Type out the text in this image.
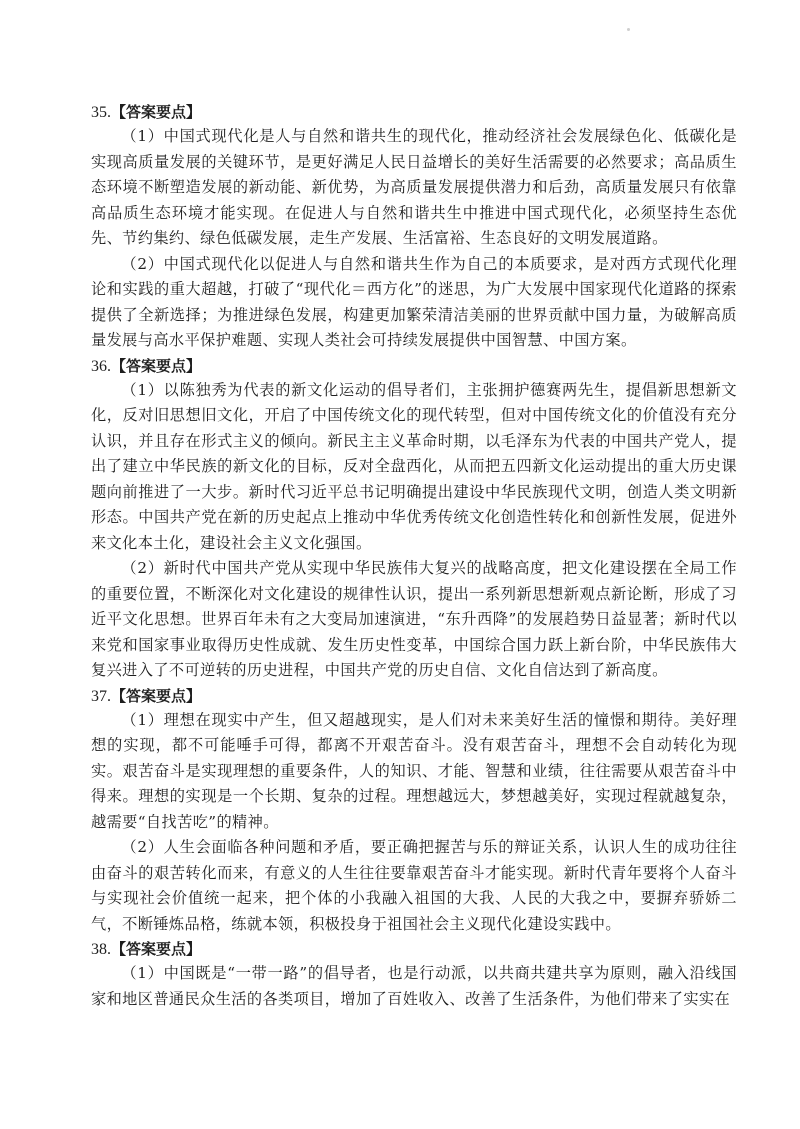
35.【答案要点】

（1）中国式现代化是人与自然和谐共生的现代化，推动经济社会发展绿色化、低碳化是实现高质量发展的关键环节，是更好满足人民日益增长的美好生活需要的必然要求；高品质生态环境不断塑造发展的新动能、新优势，为高质量发展提供潜力和后劲，高质量发展只有依靠高品质生态环境才能实现。在促进人与自然和谐共生中推进中国式现代化，必须坚持生态优先、节约集约、绿色低碳发展，走生产发展、生活富裕、生态良好的文明发展道路。

（2）中国式现代化以促进人与自然和谐共生作为自己的本质要求，是对西方式现代化理论和实践的重大超越，打破了“现代化＝西方化”的迷思，为广大发展中国家现代化道路的探索提供了全新选择；为推进绿色发展，构建更加繁荣清洁美丽的世界贡献中国力量，为破解高质量发展与高水平保护难题、实现人类社会可持续发展提供中国智慧、中国方案。

36.【答案要点】

（1）以陈独秀为代表的新文化运动的倡导者们，主张拥护德赛两先生，提倡新思想新文化，反对旧思想旧文化，开启了中国传统文化的现代转型，但对中国传统文化的价值没有充分认识，并且存在形式主义的倾向。新民主主义革命时期，以毛泽东为代表的中国共产党人，提出了建立中华民族的新文化的目标，反对全盘西化，从而把五四新文化运动提出的重大历史课题向前推进了一大步。新时代习近平总书记明确提出建设中华民族现代文明，创造人类文明新形态。中国共产党在新的历史起点上推动中华优秀传统文化创造性转化和创新性发展，促进外来文化本土化，建设社会主义文化强国。

（2）新时代中国共产党从实现中华民族伟大复兴的战略高度，把文化建设摆在全局工作的重要位置，不断深化对文化建设的规律性认识，提出一系列新思想新观点新论断，形成了习近平文化思想。世界百年未有之大变局加速演进，“东升西降”的发展趋势日益显著；新时代以来党和国家事业取得历史性成就、发生历史性变革，中国综合国力跃上新台阶，中华民族伟大复兴进入了不可逆转的历史进程，中国共产党的历史自信、文化自信达到了新高度。

37.【答案要点】

（1）理想在现实中产生，但又超越现实，是人们对未来美好生活的憧憬和期待。美好理想的实现，都不可能唾手可得，都离不开艰苦奋斗。没有艰苦奋斗，理想不会自动转化为现实。艰苦奋斗是实现理想的重要条件，人的知识、才能、智慧和业绩，往往需要从艰苦奋斗中得来。理想的实现是一个长期、复杂的过程。理想越远大，梦想越美好，实现过程就越复杂，越需要“自找苦吃”的精神。

（2）人生会面临各种问题和矛盾，要正确把握苦与乐的辩证关系，认识人生的成功往往由奋斗的艰苦转化而来，有意义的人生往往要靠艰苦奋斗才能实现。新时代青年要将个人奋斗与实现社会价值统一起来，把个体的小我融入祖国的大我、人民的大我之中，要摒弃骄娇二气，不断锤炼品格，练就本领，积极投身于祖国社会主义现代化建设实践中。

38.【答案要点】

（1）中国既是“一带一路”的倡导者，也是行动派，以共商共建共享为原则，融入沿线国家和地区普通民众生活的各类项目，增加了百姓收入、改善了生活条件，为他们带来了实实在
